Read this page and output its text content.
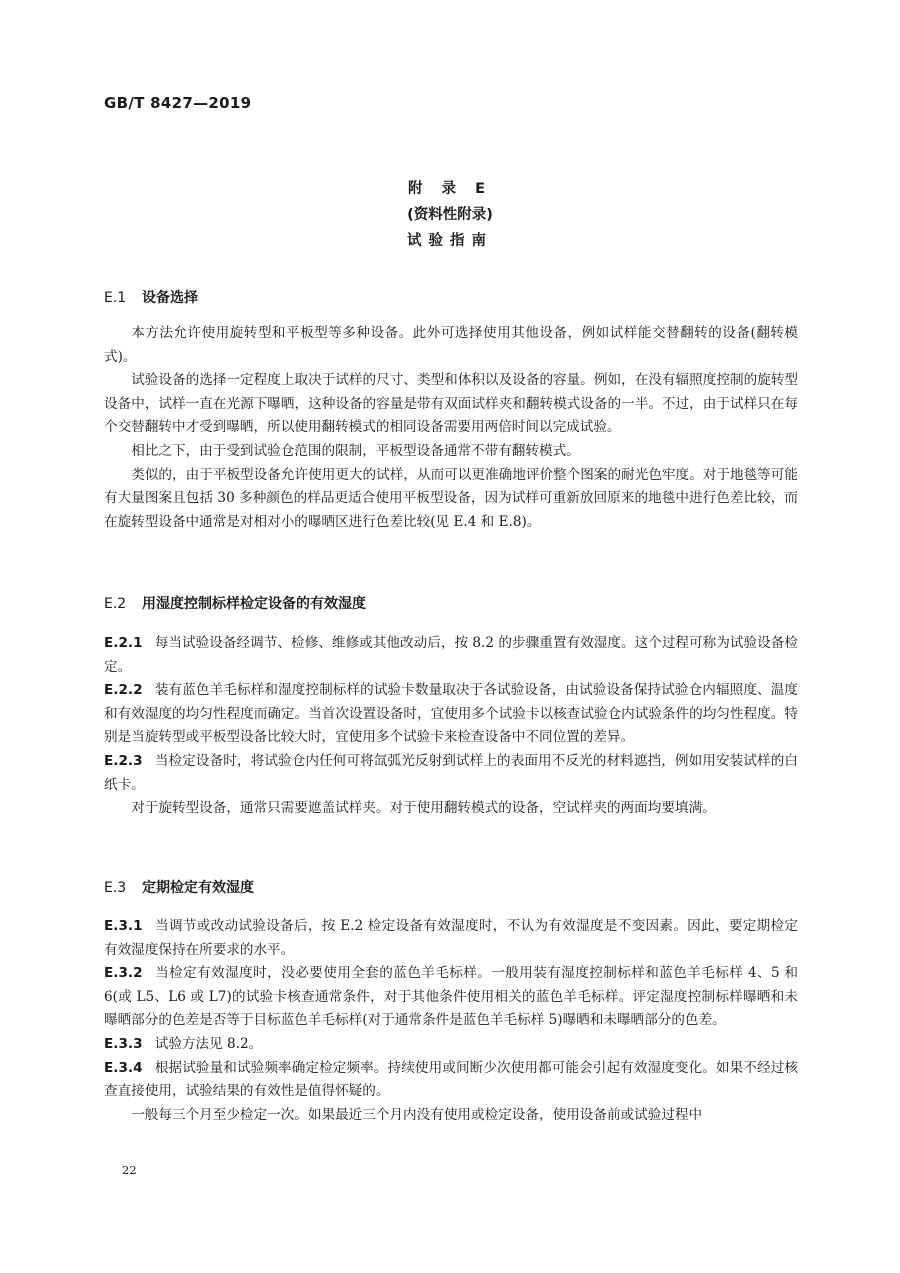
GB/T 8427—2019
附 录 E
(资料性附录)
试验指南
E.1 设备选择

本方法允许使用旋转型和平板型等多种设备。此外可选择使用其他设备，例如试样能交替翻转的设备(翻转模式)。

试验设备的选择一定程度上取决于试样的尺寸、类型和体积以及设备的容量。例如，在没有辐照度控制的旋转型设备中，试样一直在光源下曝晒，这种设备的容量是带有双面试样夹和翻转模式设备的一半。不过，由于试样只在每个交替翻转中才受到曝晒，所以使用翻转模式的相同设备需要用两倍时间以完成试验。

相比之下，由于受到试验仓范围的限制，平板型设备通常不带有翻转模式。

类似的，由于平板型设备允许使用更大的试样，从而可以更准确地评价整个图案的耐光色牢度。对于地毯等可能有大量图案且包括 30 多种颜色的样品更适合使用平板型设备，因为试样可重新放回原来的地毯中进行色差比较，而在旋转型设备中通常是对相对小的曝晒区进行色差比较(见 E.4 和 E.8)。

E.2 用湿度控制标样检定设备的有效湿度

E.2.1 每当试验设备经调节、检修、维修或其他改动后，按 8.2 的步骤重置有效湿度。这个过程可称为试验设备检定。

E.2.2 装有蓝色羊毛标样和湿度控制标样的试验卡数量取决于各试验设备，由试验设备保持试验仓内辐照度、温度和有效湿度的均匀性程度而确定。当首次设置设备时，宜使用多个试验卡以核查试验仓内试验条件的均匀性程度。特别是当旋转型或平板型设备比较大时，宜使用多个试验卡来检查设备中不同位置的差异。

E.2.3 当检定设备时，将试验仓内任何可将氙弧光反射到试样上的表面用不反光的材料遮挡，例如用安装试样的白纸卡。

对于旋转型设备，通常只需要遮盖试样夹。对于使用翻转模式的设备，空试样夹的两面均要填满。

E.3 定期检定有效湿度

E.3.1 当调节或改动试验设备后，按 E.2 检定设备有效湿度时，不认为有效湿度是不变因素。因此，要定期检定有效湿度保持在所要求的水平。

E.3.2 当检定有效湿度时，没必要使用全套的蓝色羊毛标样。一般用装有湿度控制标样和蓝色羊毛标样 4、5 和 6(或 L5、L6 或 L7)的试验卡核查通常条件，对于其他条件使用相关的蓝色羊毛标样。评定湿度控制标样曝晒和未曝晒部分的色差是否等于目标蓝色羊毛标样(对于通常条件是蓝色羊毛标样 5)曝晒和未曝晒部分的色差。

E.3.3 试验方法见 8.2。

E.3.4 根据试验量和试验频率确定检定频率。持续使用或间断少次使用都可能会引起有效湿度变化。如果不经过核查直接使用，试验结果的有效性是值得怀疑的。

一般每三个月至少检定一次。如果最近三个月内没有使用或检定设备，使用设备前或试验过程中

22
